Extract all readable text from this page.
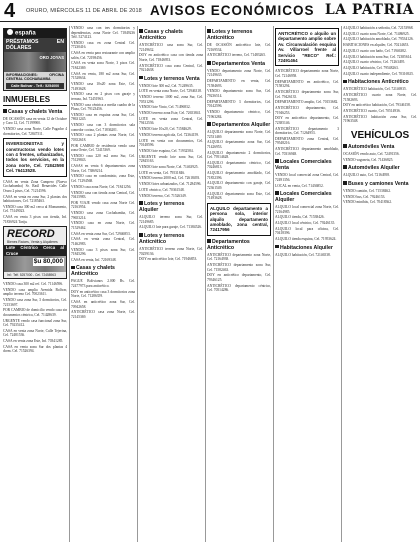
4 ORURO, MIÉRCOLES 11 DE ABRIL DE 2018 AVISOS ECONÓMICOS LA PATRIA
españa
PRÉSTAMOS EN DÓLARES
ORO JOYAS
INFORMACIONES: OFICINA CENTRAL COCHABAMBA
Calle Bolívar - Telf.: 5254000
INMUEBLES
Casas y chalets Venta
DE OCASIÓN casa en venta 12 de Octubre y Caro 12, Cel. 71199900.
VENDO casa zona Norte, Calle Pagador 4 dormitorios, Cel. 72847511.
INVERSIONISTAS y constructoras vendo lotes con 4 frentes, urbanizados, todos los servicios, en la zona norte, Cel. 71842598 Cel. 76413528.
CASA en venta Zona Campero (Nuevo Cochabamba) Sr. Raúl Benavides Calle Oruro 2 pisos, Cel. 71214596.
CASA en venta en zona Sur, 2 plantas dos habitaciones, Cel. 72185463.
VENDO casa 300 m2 cerca al Monumento, Cel. 75149023.
CASA en venta 3 pisos con tienda, Inf. 71836924 Tarija.
RECORD
Bienes Raíces, Venta y Alquileres
Lote Céntrico Cerca al Cruce
$u 80,000
Inf.: Telf. 5257000 - Cel. 72458963
VENDO casa 300 m2 ref. Cel. 71146596.
VENDO casa amplia Avenida Bolívar, amplio terreno Cel. 70023611.
VENDO casa zona Sur, 3 dormitorios, Cel. 72153697.
POR CAMBIO de domicilio vendo casa sin documentos céntrica, Cel. 71428639.
URGENTE vendo casa funcional zona Sur, Cel. 79235412.
CASA en venta zona Norte, Calle Tejerina, Cel. 72481536.
CASA en venta zona Este, Inf. 70341285.
CASA en venta zona Sur dos plantas 4 dorm. Cel. 71526394.
VENDO casa con tres dormitorios y dependencias, zona Norte Cel. 71849236 Telf. 5274123.
VENDO casa en zona Central Cel. 77230416.
CASA en venta para restaurante con amplio salón, Cel. 72198456.
CASA en venta zona Norte, 3 pisos Cel. 71842369.
CASA en venta, 180 m2 zona Sur, Cel. 71528634.
VENDO casa 10x20 zona Este, Cel. 71493628.
VENDO casa en 2 pisos con garaje y terraza, Inf. 72451963.
VENDO casa céntrica a media cuadra de la Plaza, Cel. 79123456.
VENDO casa en esquina zona Sur, Cel. 78631245.
VENDO casa con 3 dormitorios sala comedor cocina, Cel. 71836201.
VENDO casa 2 plantas zona Norte, Cel. 70352618.
POR CAMBIO de residencia vendo casa zona Oeste, Cel. 72415369.
VENDO casa 220 m2 zona Sur, Cel. 75129843.
CASAS en venta 6 departamentos zona Norte, Cel. 73869214.
VENDO casa en condominio, zona Este, Cel. 71294568.
VENDO casa zona Norte, Cel. 71841256.
VENDO casa con tienda zona Central, Cel. 70415983.
POR VIAJE vendo casa zona Norte Cel. 72163954.
VENDO casa zona Cochabamba, Cel. 79653214.
VENDO casa en zona Norte, Cel. 71529462.
CASA en venta zona Sur, Cel. 72946853.
CASA en venta zona Central, Cel. 71462983.
VENDO casa 3 pisos zona Sur, Cel. 71845296.
CASA en venta, Inf. 72169348.
Casas y chalets Anticrético
PAGUE Bolivianos 2.000 Bs. Cel. 72477973 para anticrético.
DOY en anticrético casa 3 dormitorios zona Norte, Cel. 71286359.
CASA en anticrético zona Sur, Cel. 70942658.
ANTICRÉTICO casa zona Norte, Cel. 72145369.
Casas y chalets Anticrético
ANTICRÉTICO casa zona Sur, Cel. 72149632.
DOY en anticrético casa con tienda zona Norte, Cel. 71846953.
ANTICRÉTICO casa zona Central, Cel. 79214638.
Lotes y terrenos Venta
VENDO lote 300 m2, Cel. 71249635.
LOTE en venta zona Norte, Cel. 72946318.
VENDO terreno 1000 m2, zona Sur, Cel. 70531296.
VENDO lote Vinto, Cel. 71496832.
VENDO terreno zona Este, Cel. 72653841.
LOTE en venta zona Central, Cel. 79412536.
VENDO lote 10x20, Cel. 71584629.
VENDO terreno agrícola, Cel. 72364159.
LOTE en venta con documentos, Cel. 70148596.
VENDO lote esquina, Cel. 71932584.
URGENTE vendo lote zona Sur, Cel. 72845163.
VENDO lote zona Norte, Cel. 71463925.
LOTE en venta, Cel. 79531846.
VENDO terreno 2000 m2, Cel. 72618493.
VENDO lotes urbanizados, Cel. 71284596.
LOTE céntrico, Cel. 70361548.
VENDO terreno, Cel. 71526349.
Lotes y terrenos Alquiler
ALQUILO terreno zona Sur, Cel. 72149685.
ALQUILO lote para garaje, Cel. 71384526.
Lotes y terrenos Anticrético
ANTICRÉTICO terreno zona Norte, Cel. 70259136.
DOY en anticrético lote, Cel. 71946853.
Lotes y terrenos Anticrético
DE OCASIÓN anticrético lote, Cel. 72169534.
ANTICRÉTICO terreno, Cel. 71483265.
Departamentos Venta
VENDO departamento zona Norte, Cel. 72149635.
DEPARTAMENTO en venta, Cel. 71584693.
VENDO departamento zona Sur, Cel. 79236514.
DEPARTAMENTO 3 dormitorios, Cel. 70142596.
VENDO departamento céntrico, Cel. 71963284.
Departamentos Alquiler
ALQUILO departamento zona Norte, Cel. 72531469.
ALQUILO departamento zona Sur, Cel. 71426953.
ALQUILO departamento 2 dormitorios, Cel. 79514628.
ALQUILO departamento céntrico, Cel. 70246813.
ALQUILO departamento amoblado, Cel. 71852396.
ALQUILO departamento con garaje, Cel. 72361549.
ALQUILO departamento zona Este, Cel. 71493628.
ALQUILO departamento a persona sola, interior alquilo departamento amoblado, zona central, 72417956
Departamentos Anticrético
ANTICRÉTICO departamento zona Norte, Cel. 72164938.
ANTICRÉTICO departamento zona Sur, Cel. 71582463.
DOY en anticrético departamento, Cel. 79346125.
ANTICRÉTICO departamento céntrico, Cel. 70514286.
ANTICRÉTICO o alquilo un departamento amplio sobre Av. Circunvalación esquina Av. Villarroel frente al Servicio "RECO" Ref.: 72491464
ANTICRÉTICO departamento zona Norte, Cel. 72146958.
DEPARTAMENTO en anticrético, Cel. 71583294.
ANTICRÉTICO departamento zona Sur, Cel. 79426135.
DEPARTAMENTO amplio, Cel. 70153682.
ANTICRÉTICO departamento, Cel. 71946253.
DOY en anticrético departamento, Cel. 72385146.
ANTICRÉTICO departamento 3 dormitorios, Cel. 71264953.
DEPARTAMENTO zona Central, Cel. 79548216.
ANTICRÉTICO departamento amoblado, Cel. 70316948.
Locales Comerciales Venta
VENDO local comercial zona Central, Cel. 72491356.
LOCAL en venta, Cel. 71436852.
Locales Comerciales Alquiler
ALQUILO local comercial zona Norte, Cel. 72164985.
ALQUILO tienda, Cel. 71538426.
ALQUILO local céntrico, Cel. 79246135.
ALQUILO local para oficina, Cel. 70418396.
ALQUILO tienda esquina, Cel. 71953624.
Habitaciones Alquiler
ALQUILO habitación, Cel. 72146538.
ALQUILO habitación a señorita, Cel. 72153968.
ALQUILO cuarto zona Norte, Cel. 71486925.
ALQUILO habitación amoblada, Cel. 79534126.
HABITACIONES en alquiler, Cel. 70214653.
ALQUILO cuarto con baño, Cel. 71946382.
ALQUILO habitación zona Sur, Cel. 72385614.
ALQUILO cuarto céntrico, Cel. 71263495.
ALQUILO habitación, Cel. 79548263.
ALQUILO cuarto independiente, Cel. 70316925.
Habitaciones Anticrético
ANTICRÉTICO habitación, Cel. 72146935.
ANTICRÉTICO cuarto zona Norte, Cel. 71582693.
DOY en anticrético habitación, Cel. 79346158.
ANTICRÉTICO cuarto, Cel. 70514936.
ANTICRÉTICO habitación zona Sur, Cel. 71963548.
VEHÍCULOS
Automóviles Venta
OCASIÓN vendo auto, Cel. 72491356.
VENDO vagoneta, Cel. 71436825.
Automóviles Alquiler
ALQUILO auto, Cel. 72164958.
Buses y camiones Venta
VENDO camión, Cel. 71538462.
VENDO bus, Cel. 79246153.
VENDO minibús, Cel. 70418362.
